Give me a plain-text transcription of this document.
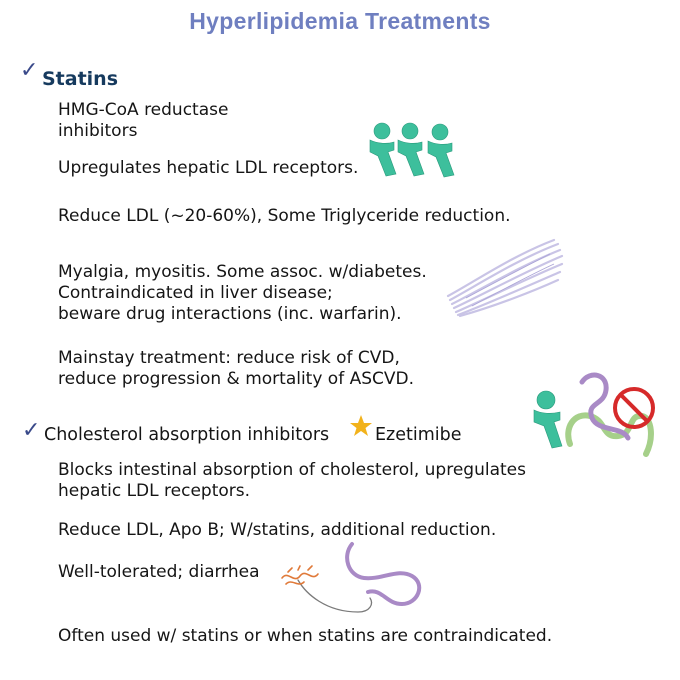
Hyperlipidemia Treatments
✓ Statins
HMG-CoA reductase
inhibitors
Upregulates hepatic LDL receptors.
Reduce LDL (~20-60%), Some Triglyceride reduction.
Myalgia, myositis. Some assoc. w/diabetes.
Contraindicated in liver disease;
beware drug interactions (inc. warfarin).
Mainstay treatment: reduce risk of CVD,
reduce progression & mortality of ASCVD.
✓ Cholesterol absorption inhibitors	Ezetimibe
Blocks intestinal absorption of cholesterol, upregulates
hepatic LDL receptors.
Reduce LDL, Apo B; W/statins, additional reduction.
Well-tolerated; diarrhea
Often used w/ statins or when statins are contraindicated.
